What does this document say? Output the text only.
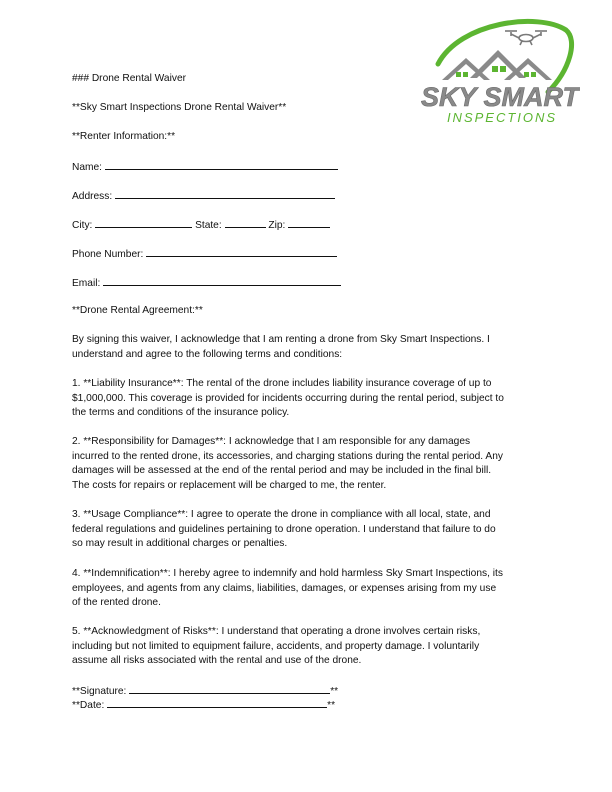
SKY SMART
INSPECTIONS
### Drone Rental Waiver
**Sky Smart Inspections Drone Rental Waiver**
**Renter Information:**
Name:
Address:
City:	State:	Zip:
Phone Number:
Email:
**Drone Rental Agreement:**
By signing this waiver, I acknowledge that I am renting a drone from Sky Smart Inspections. I
understand and agree to the following terms and conditions:
1. **Liability Insurance**: The rental of the drone includes liability insurance coverage of up to
$1,000,000. This coverage is provided for incidents occurring during the rental period, subject to
the terms and conditions of the insurance policy.
2. **Responsibility for Damages**: I acknowledge that I am responsible for any damages
incurred to the rented drone, its accessories, and charging stations during the rental period. Any
damages will be assessed at the end of the rental period and may be included in the final bill.
The costs for repairs or replacement will be charged to me, the renter.
3. **Usage Compliance**: I agree to operate the drone in compliance with all local, state, and
federal regulations and guidelines pertaining to drone operation. I understand that failure to do
so may result in additional charges or penalties.
4. **Indemnification**: I hereby agree to indemnify and hold harmless Sky Smart Inspections, its
employees, and agents from any claims, liabilities, damages, or expenses arising from my use
of the rented drone.
5. **Acknowledgment of Risks**: I understand that operating a drone involves certain risks,
including but not limited to equipment failure, accidents, and property damage. I voluntarily
assume all risks associated with the rental and use of the drone.
**Signature:	**
**Date:	**
